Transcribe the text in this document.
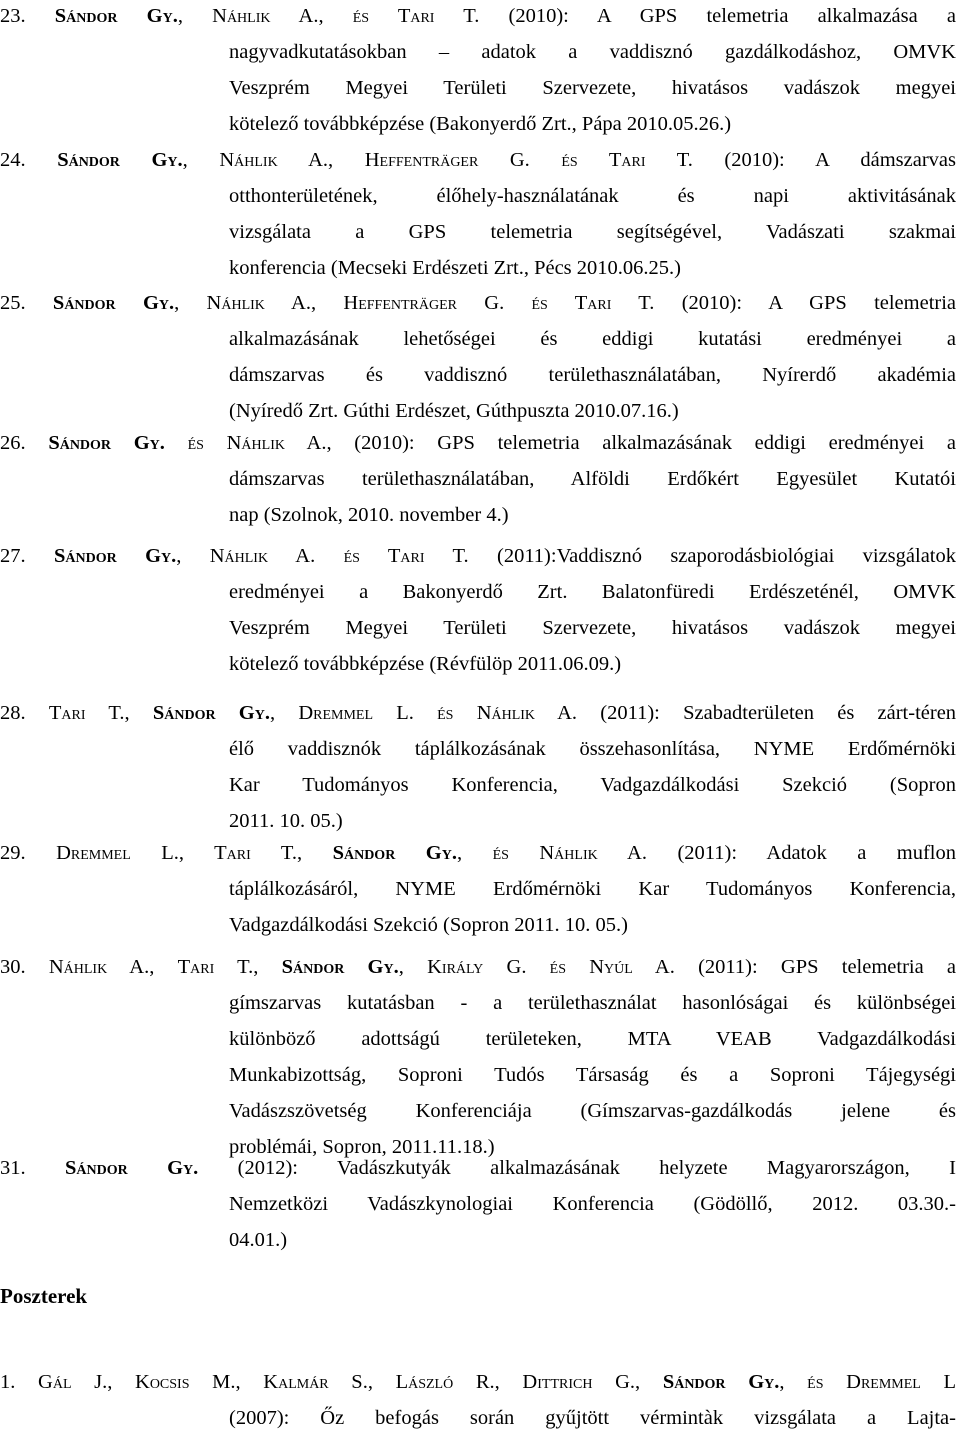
23. Sándor Gy., Náhlik A., és Tari T. (2010): A GPS telemetria alkalmazása a
nagyvadkutatásokban – adatok a vaddisznó gazdálkodáshoz, OMVK
Veszprém Megyei Területi Szervezete, hivatásos vadászok megyei
kötelező továbbképzése (Bakonyerdő Zrt., Pápa 2010.05.26.)
24. Sándor Gy., Náhlik A., Heffenträger G. és Tari T. (2010): A dámszarvas
otthonterületének, élőhely-használatának és napi aktivitásának
vizsgálata a GPS telemetria segítségével, Vadászati szakmai
konferencia (Mecseki Erdészeti Zrt., Pécs 2010.06.25.)
25. Sándor Gy., Náhlik A., Heffenträger G. és Tari T. (2010): A GPS telemetria
alkalmazásának lehetőségei és eddigi kutatási eredményei a
dámszarvas és vaddisznó területhasználatában, Nyírerdő akadémia
(Nyíredő Zrt. Gúthi Erdészet, Gúthpuszta 2010.07.16.)
26. Sándor Gy. és Náhlik A., (2010): GPS telemetria alkalmazásának eddigi eredményei a
dámszarvas területhasználatában, Alföldi Erdőkért Egyesület Kutatói
nap (Szolnok, 2010. november 4.)
27. Sándor Gy., Náhlik A. és Tari T. (2011):Vaddisznó szaporodásbiológiai vizsgálatok
eredményei a Bakonyerdő Zrt. Balatonfüredi Erdészeténél, OMVK
Veszprém Megyei Területi Szervezete, hivatásos vadászok megyei
kötelező továbbképzése (Révfülöp 2011.06.09.)
28. Tari T., Sándor Gy., Dremmel L. és Náhlik A. (2011): Szabadterületen és zárt-téren
élő vaddisznók táplálkozásának összehasonlítása, NYME Erdőmérnöki
Kar Tudományos Konferencia, Vadgazdálkodási Szekció (Sopron
2011. 10. 05.)
29. Dremmel L., Tari T., Sándor Gy., és Náhlik A. (2011): Adatok a muflon
táplálkozásáról, NYME Erdőmérnöki Kar Tudományos Konferencia,
Vadgazdálkodási Szekció (Sopron 2011. 10. 05.)
30. Náhlik A., Tari T., Sándor Gy., Király G. és Nyúl A. (2011): GPS telemetria a
gímszarvas kutatásban - a területhasználat hasonlóságai és különbségei
különböző adottságú területeken, MTA VEAB Vadgazdálkodási
Munkabizottság, Soproni Tudós Társaság és a Soproni Tájegységi
Vadászszövetség Konferenciája (Gímszarvas-gazdálkodás jelene és
problémái, Sopron, 2011.11.18.)
31. Sándor Gy. (2012): Vadászkutyák alkalmazásának helyzete Magyarországon, I
Nemzetközi Vadászkynologiai Konferencia (Gödöllő, 2012. 03.30.-
04.01.)
Poszterek
1. Gál J., Kocsis M., Kalmár S., László R., Dittrich G., Sándor Gy., és Dremmel L
(2007): Őz befogás során gyűjtött vérmintàk vizsgálata a Lajta-
